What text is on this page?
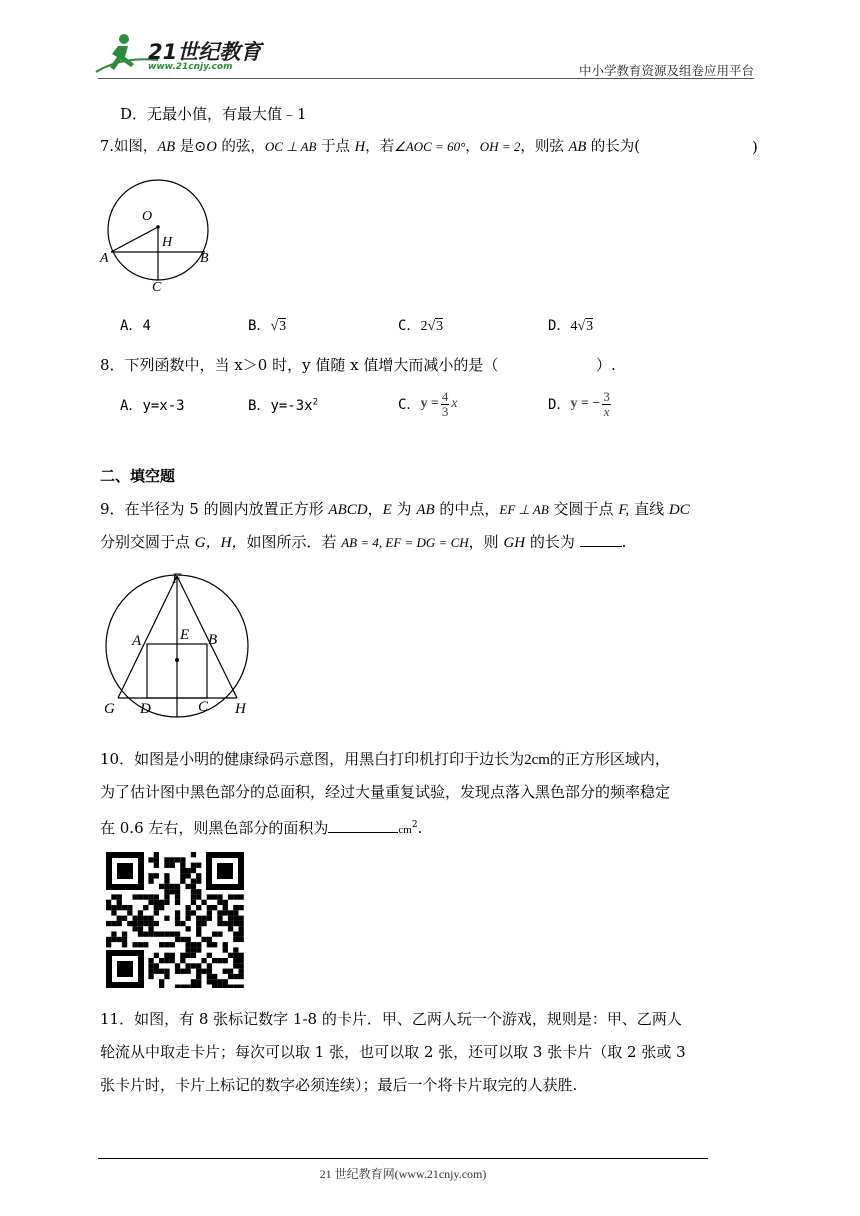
21世纪教育
www.21cnjy.com	中小学教育资源及组卷应用平台
D．无最小值，有最大值﹣1
7.如图，AB 是⊙O 的弦，OC ⊥ AB 于点 H，若∠AOC = 60°，OH = 2，则弦 AB 的长为(	)
O
H
A	B
C
A．4	B．√3	C．2√3	D．4√3
8．下列函数中，当 x＞0 时，y 值随 x 值增大而减小的是（	）.
A．y=x-3	B．$y=-3x^2$	C． $y = \frac{4}{3}$ x	D． y = − $\frac{3}{x}$
二、填空题
9．在半径为 5 的圆内放置正方形 ABCD，E 为 AB 的中点，EF ⊥ AB 交圆于点 F, 直线 DC
分别交圆于点 G，H，如图所示．若 AB = 4, EF = DG = CH，则 GH 的长为	.
F
A	E B
G D	C H
10．如图是小明的健康绿码示意图，用黑白打印机打印于边长为2cm的正方形区域内，
为了估计图中黑色部分的总面积，经过大量重复试验，发现点落入黑色部分的频率稳定
在 0.6 左右，则黑色部分的面积为	$cm^2$.
11．如图，有 8 张标记数字 1-8 的卡片．甲、乙两人玩一个游戏，规则是：甲、乙两人
轮流从中取走卡片；每次可以取 1 张，也可以取 2 张，还可以取 3 张卡片（取 2 张或 3
张卡片时，卡片上标记的数字必须连续）；最后一个将卡片取完的人获胜.
21 世纪教育网(www.21cnjy.com)
